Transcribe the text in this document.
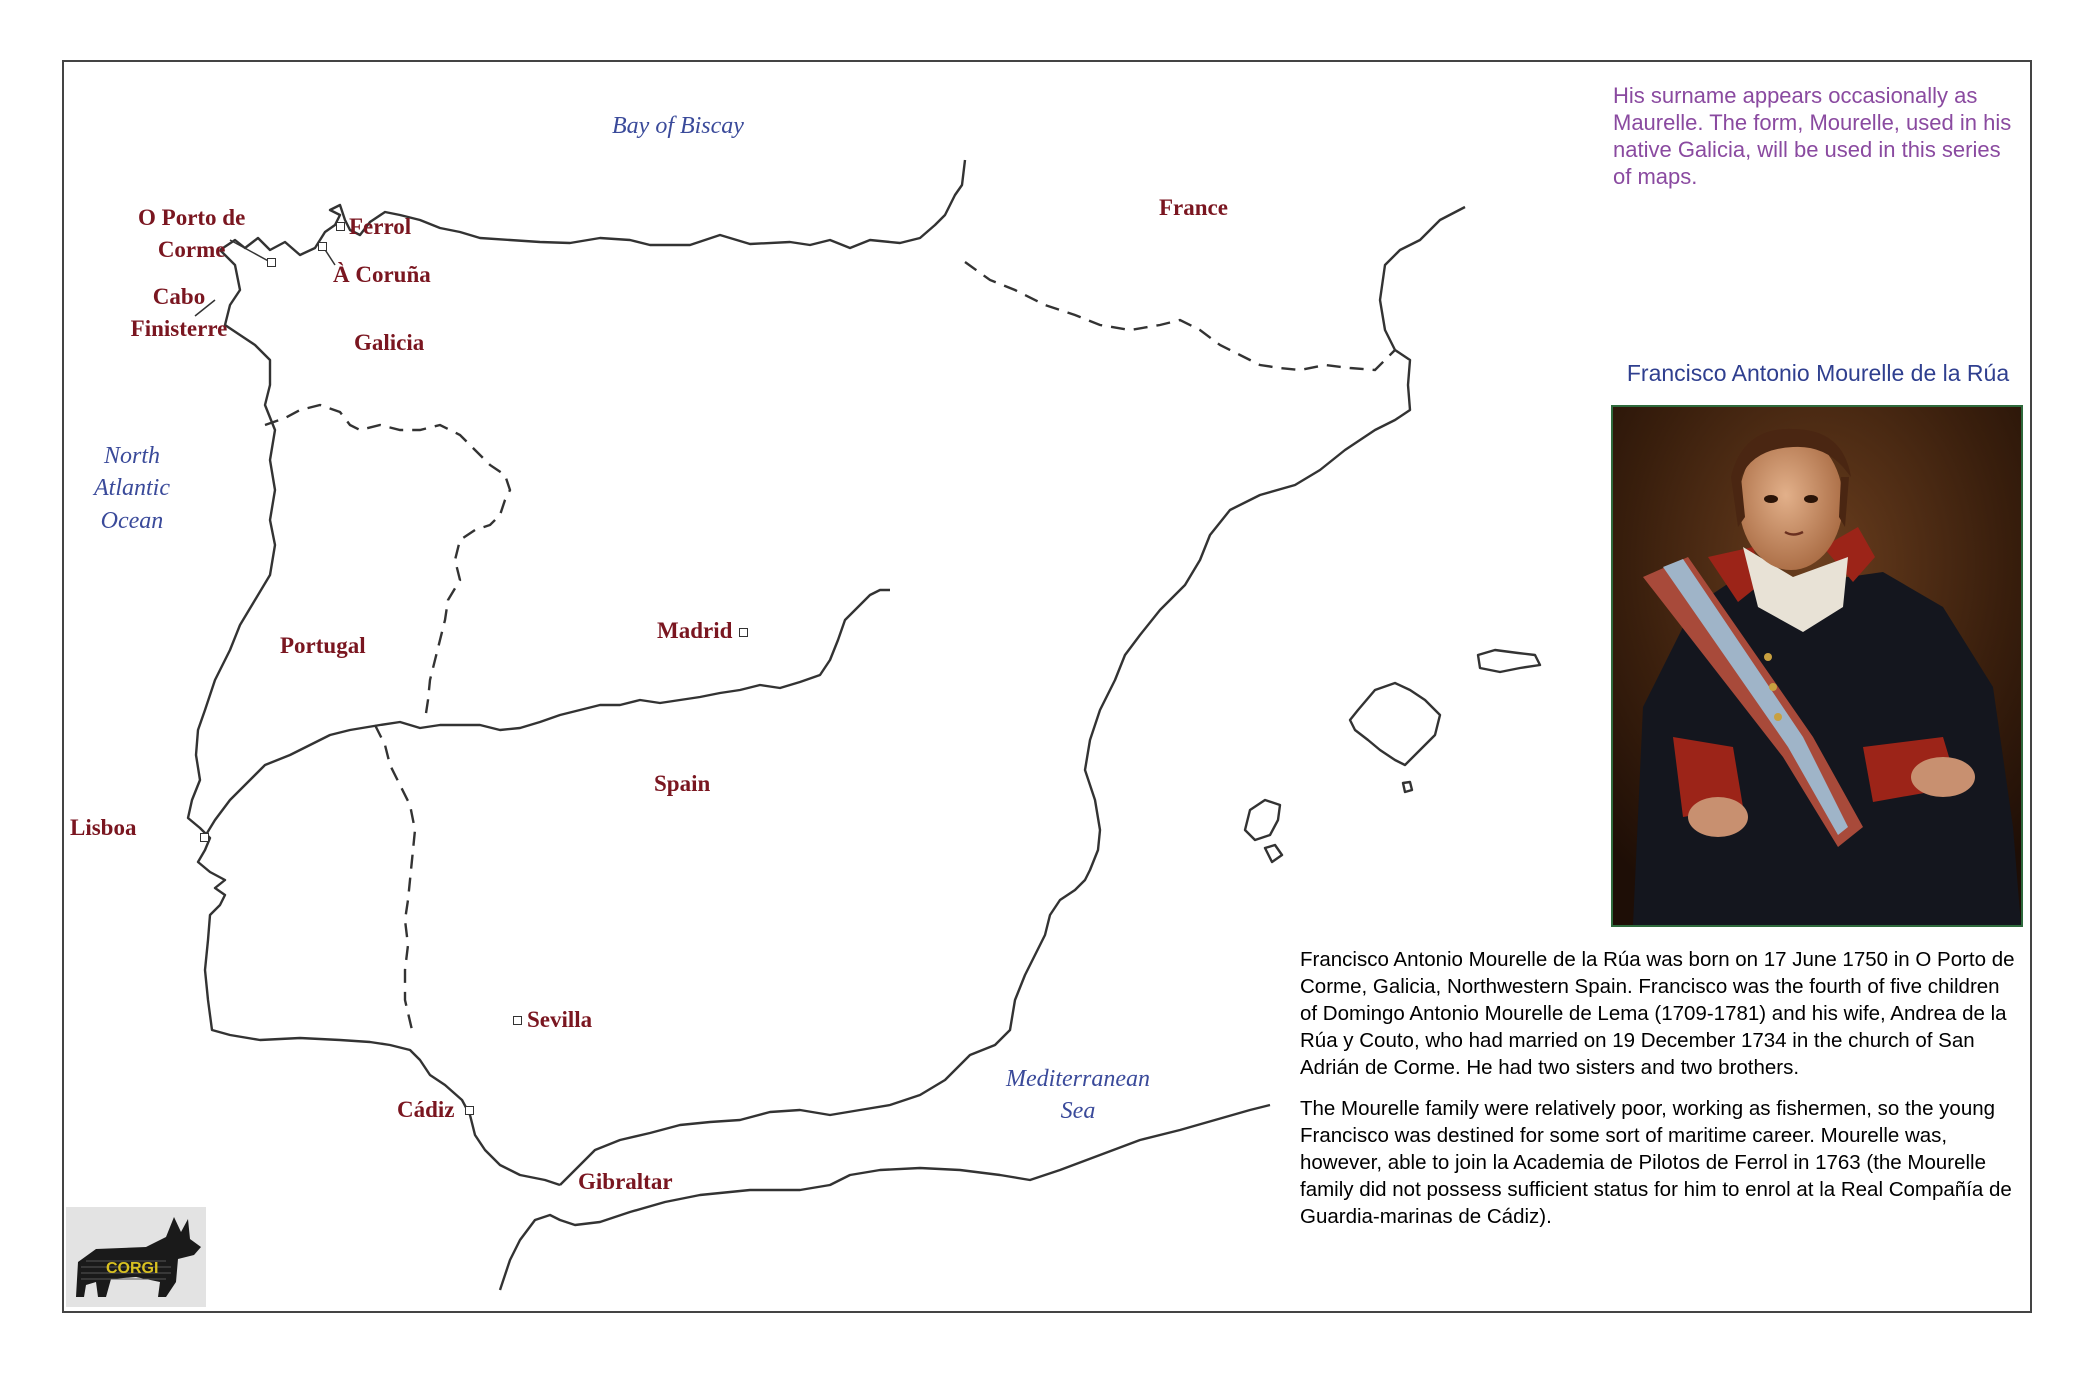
Bay of Biscay
North
Atlantic
Ocean
Mediterranean
Sea
France
Galicia
Portugal
Spain
O Porto de
Corme
Cabo
Finisterre
Ferrol
À Coruña
Madrid
Lisboa
Sevilla
Cádiz
Gibraltar
His surname appears occasionally as Maurelle. The form, Mourelle, used in his native Galicia, will be used in this series of maps.
Francisco Antonio Mourelle de la Rúa

Francisco Antonio Mourelle de la Rúa was born on 17 June 1750 in O Porto de Corme, Galicia, Northwestern Spain. Francisco was the fourth of five children of Domingo Antonio Mourelle de Lema (1709-1781) and his wife, Andrea de la Rúa y Couto, who had married on 19 December 1734 in the church of San Adrián de Corme. He had two sisters and two brothers.

The Mourelle family were relatively poor, working as fishermen, so the young Francisco was destined for some sort of maritime career. Mourelle was, however, able to join la Academia de Pilotos de Ferrol in 1763 (the Mourelle family did not possess sufficient status for him to enrol at la Real Compañía de Guardia-marinas de Cádiz).

CORGI
